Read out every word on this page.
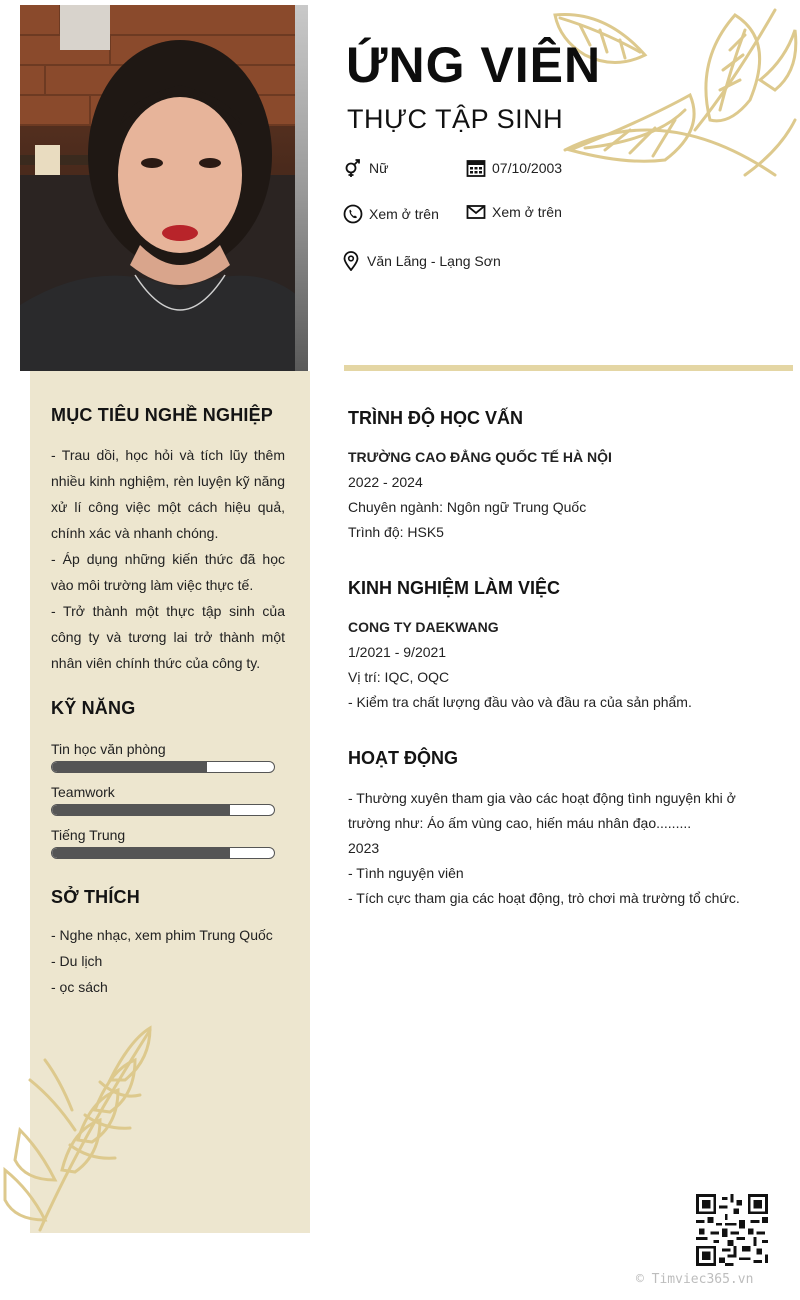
ỨNG VIÊN
THỰC TẬP SINH
Nữ	07/10/2003
Xem ở trên	Xem ở trên
Văn Lãng - Lạng Sơn
MỤC TIÊU NGHỀ NGHIỆP

- Trau dồi, học hỏi và tích lũy thêm nhiều kinh nghiệm, rèn luyện kỹ năng xử lí công việc một cách hiệu quả, chính xác và nhanh chóng.

- Áp dụng những kiến thức đã học vào môi trường làm việc thực tế.

- Trở thành một thực tập sinh của công ty và tương lai trở thành một nhân viên chính thức của công ty.

KỸ NĂNG
Tin học văn phòng
Teamwork
Tiếng Trung
SỞ THÍCH
- Nghe nhạc, xem phim Trung Quốc
- Du lịch
- ọc sách
TRÌNH ĐỘ HỌC VẤN
TRƯỜNG CAO ĐẲNG QUỐC TẾ HÀ NỘI
2022 - 2024
Chuyên ngành: Ngôn ngữ Trung Quốc
Trình độ: HSK5
KINH NGHIỆM LÀM VIỆC
CONG TY DAEKWANG
1/2021 - 9/2021
Vị trí: IQC, OQC
- Kiểm tra chất lượng đầu vào và đầu ra của sản phẩm.
HOẠT ĐỘNG
- Thường xuyên tham gia vào các hoạt động tình nguyện khi ở trường như: Áo ấm vùng cao, hiến máu nhân đạo.........
2023
- Tình nguyện viên
- Tích cực tham gia các hoạt động, trò chơi mà trường tổ chức.
© Timviec365.vn
